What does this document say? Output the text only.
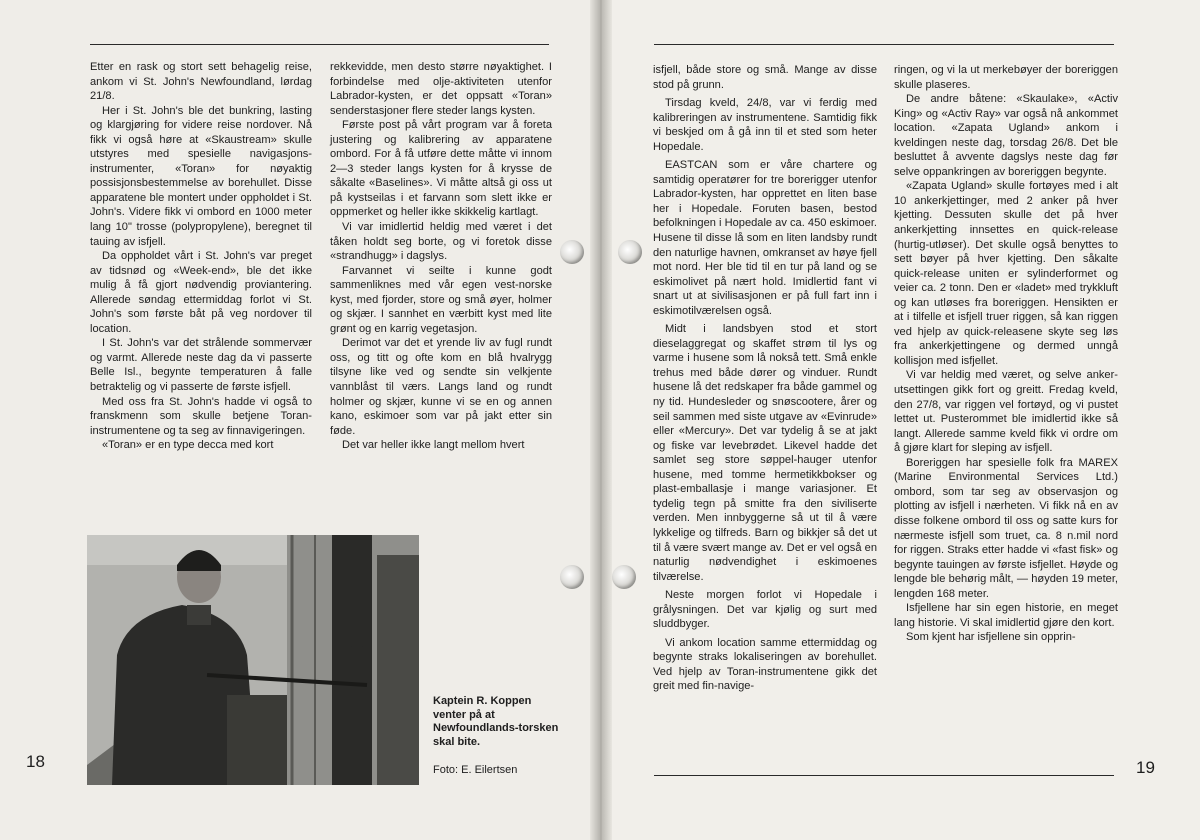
Etter en rask og stort sett behagelig reise, ankom vi St. John's Newfoundland, lørdag 21/8.

Her i St. John's ble det bunkring, lasting og klargjøring for videre reise nordover. Nå fikk vi også høre at «Skaustream» skulle utstyres med spesielle navigasjons-instrumenter, «Toran» for nøyaktig possisjonsbestemmelse av borehullet. Disse apparatene ble montert under oppholdet i St. John's. Videre fikk vi ombord en 1000 meter lang 10" trosse (polypropylene), beregnet til tauing av isfjell.

Da oppholdet vårt i St. John's var preget av tidsnød og «Week-end», ble det ikke mulig å få gjort nødvendig proviantering. Allerede søndag ettermiddag forlot vi St. John's som første båt på veg nordover til location.

I St. John's var det strålende sommervær og varmt. Allerede neste dag da vi passerte Belle Isl., begynte temperaturen å falle betraktelig og vi passerte de første isfjell.

Med oss fra St. John's hadde vi også to franskmenn som skulle betjene Toran-instrumentene og ta seg av finnavigeringen.

«Toran» er en type decca med kort

rekkevidde, men desto større nøyaktighet. I forbindelse med olje-aktiviteten utenfor Labrador-kysten, er det oppsatt «Toran» senderstasjoner flere steder langs kysten.

Første post på vårt program var å foreta justering og kalibrering av apparatene ombord. For å få utføre dette måtte vi innom 2—3 steder langs kysten for å krysse de såkalte «Baselines». Vi måtte altså gi oss ut på kystseilas i et farvann som slett ikke er oppmerket og heller ikke skikkelig kartlagt.

Vi var imidlertid heldig med været i det tåken holdt seg borte, og vi foretok disse «strandhugg» i dagslys.

Farvannet vi seilte i kunne godt sammenliknes med vår egen vest-norske kyst, med fjorder, store og små øyer, holmer og skjær. I sannhet en værbitt kyst med lite grønt og en karrig vegetasjon.

Derimot var det et yrende liv av fugl rundt oss, og titt og ofte kom en blå hvalrygg tilsyne like ved og sendte sin velkjente vannblåst til værs. Langs land og rundt holmer og skjær, kunne vi se en og annen kano, eskimoer som var på jakt etter sin føde.

Det var heller ikke langt mellom hvert

Kaptein R. Koppen venter på at Newfoundlands-torsken skal bite.
Foto: E. Eilertsen
18

isfjell, både store og små. Mange av disse stod på grunn.

Tirsdag kveld, 24/8, var vi ferdig med kalibreringen av instrumentene. Samtidig fikk vi beskjed om å gå inn til et sted som heter Hopedale.

EASTCAN som er våre chartere og samtidig operatører for tre borerigger utenfor Labrador-kysten, har opprettet en liten base her i Hopedale. Foruten basen, bestod befolkningen i Hopedale av ca. 450 eskimoer. Husene til disse lå som en liten landsby rundt den naturlige havnen, omkranset av høye fjell mot nord. Her ble tid til en tur på land og se eskimolivet på nært hold. Imidlertid fant vi snart ut at sivilisasjonen er på full fart inn i eskimotilværelsen også.

Midt i landsbyen stod et stort dieselaggregat og skaffet strøm til lys og varme i husene som lå nokså tett. Små enkle trehus med både dører og vinduer. Rundt husene lå det redskaper fra både gammel og ny tid. Hundesleder og snøscootere, årer og seil sammen med siste utgave av «Evinrude» eller «Mercury». Det var tydelig å se at jakt og fiske var levebrødet. Likevel hadde det samlet seg store søppel-hauger utenfor husene, med tomme hermetikkbokser og plast-emballasje i mange variasjoner. Et tydelig tegn på smitte fra den siviliserte verden. Men innbyggerne så ut til å være lykkelige og tilfreds. Barn og bikkjer så det ut til å være svært mange av. Det er vel også en naturlig nødvendighet i eskimoenes tilværelse.

Neste morgen forlot vi Hopedale i grålysningen. Det var kjølig og surt med sluddbyger.

Vi ankom location samme ettermiddag og begynte straks lokaliseringen av borehullet. Ved hjelp av Toran-instrumentene gikk det greit med fin-navige-

ringen, og vi la ut merkebøyer der boreriggen skulle plaseres.

De andre båtene: «Skaulake», «Activ King» og «Activ Ray» var også nå ankommet location. «Zapata Ugland» ankom i kveldingen neste dag, torsdag 26/8. Det ble besluttet å avvente dagslys neste dag før selve oppankringen av boreriggen begynte.

«Zapata Ugland» skulle fortøyes med i alt 10 ankerkjettinger, med 2 anker på hver kjetting. Dessuten skulle det på hver ankerkjetting innsettes en quick-release (hurtig-utløser). Det skulle også benyttes to sett bøyer på hver kjetting. Den såkalte quick-release uniten er sylinderformet og veier ca. 2 tonn. Den er «ladet» med trykkluft og kan utløses fra boreriggen. Hensikten er at i tilfelle et isfjell truer riggen, så kan riggen ved hjelp av quick-releasene skyte seg løs fra ankerkjettingene og dermed unngå kollisjon med isfjellet.

Vi var heldig med været, og selve anker-utsettingen gikk fort og greitt. Fredag kveld, den 27/8, var riggen vel fortøyd, og vi pustet lettet ut. Pusterommet ble imidlertid ikke så langt. Allerede samme kveld fikk vi ordre om å gjøre klart for sleping av isfjell.

Boreriggen har spesielle folk fra MAREX (Marine Environmental Services Ltd.) ombord, som tar seg av observasjon og plotting av isfjell i nærheten. Vi fikk nå en av disse folkene ombord til oss og satte kurs for nærmeste isfjell som truet, ca. 8 n.mil nord for riggen. Straks etter hadde vi «fast fisk» og begynte tauingen av første isfjellet. Høyde og lengde ble behørig målt, — høyden 19 meter, lengden 168 meter.

Isfjellene har sin egen historie, en meget lang historie. Vi skal imidlertid gjøre den kort.

Som kjent har isfjellene sin opprin-

19
